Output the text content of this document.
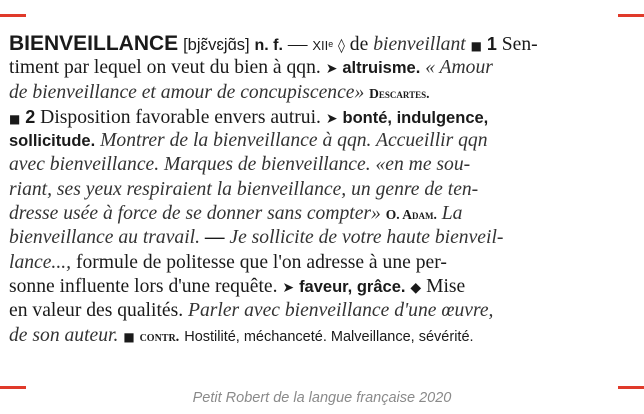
BIENVEILLANCE [bjɛ̃vɛjɑ̃s] n. f. — XIIᵉ ◊ de bienveillant ■ 1 Sen-
timent par lequel on veut du bien à qqn. ➤ altruisme. « Amour
de bienveillance et amour de concupiscence» Descartes.
■ 2 Disposition favorable envers autrui. ➤ bonté, indulgence,
sollicitude. Montrer de la bienveillance à qqn. Accueillir qqn
avec bienveillance. Marques de bienveillance. «en me sou-
riant, ses yeux respiraient la bienveillance, un genre de ten-
dresse usée à force de se donner sans compter» O. Adam. La
bienveillance au travail. — Je sollicite de votre haute bienveil-
lance..., formule de politesse que l'on adresse à une per-
sonne influente lors d'une requête. ➤ faveur, grâce. ◆ Mise
en valeur des qualités. Parler avec bienveillance d'une œuvre,
de son auteur. ■ contr. Hostilité, méchanceté. Malveillance, sévérité.
Petit Robert de la langue française 2020
